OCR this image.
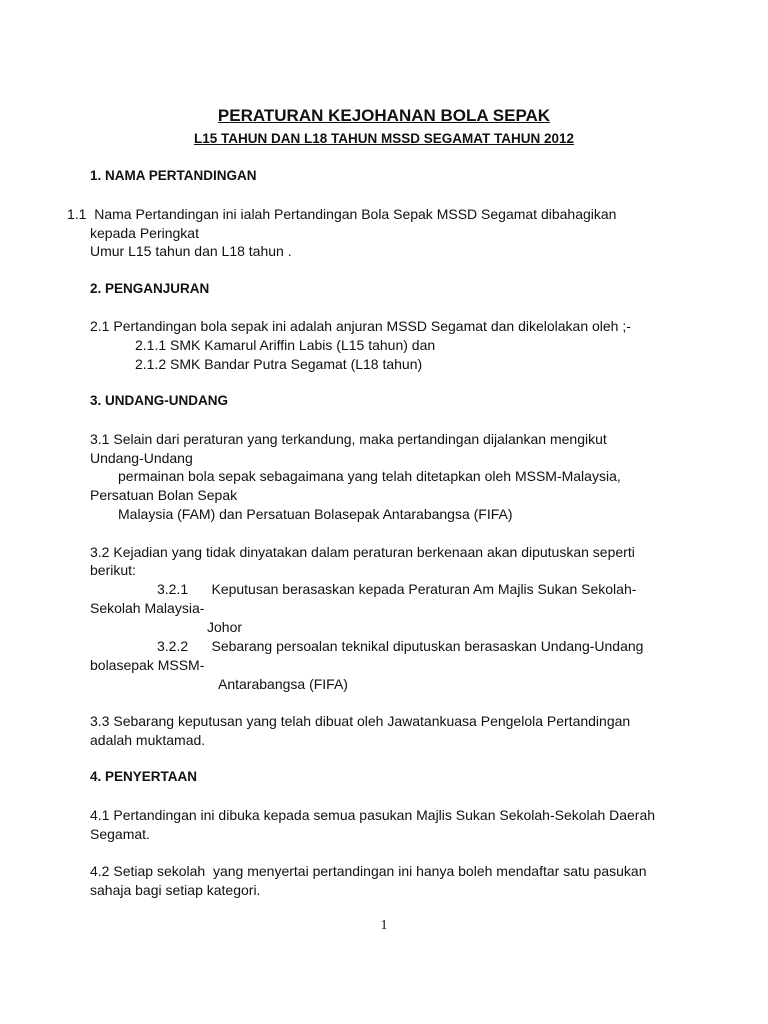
PERATURAN KEJOHANAN BOLA SEPAK
L15 TAHUN DAN L18 TAHUN MSSD SEGAMAT TAHUN 2012
1. NAMA PERTANDINGAN
1.1  Nama Pertandingan ini ialah Pertandingan Bola Sepak MSSD Segamat dibahagikan
kepada Peringkat
Umur L15 tahun dan L18 tahun .
2. PENGANJURAN
2.1 Pertandingan bola sepak ini adalah anjuran MSSD Segamat dan dikelolakan oleh ;-
2.1.1 SMK Kamarul Ariffin Labis (L15 tahun) dan
2.1.2 SMK Bandar Putra Segamat (L18 tahun)
3. UNDANG-UNDANG
3.1 Selain dari peraturan yang terkandung, maka pertandingan dijalankan mengikut
Undang-Undang
permainan bola sepak sebagaimana yang telah ditetapkan oleh MSSM-Malaysia,
Persatuan Bolan Sepak
Malaysia (FAM) dan Persatuan Bolasepak Antarabangsa (FIFA)
3.2 Kejadian yang tidak dinyatakan dalam peraturan berkenaan akan diputuskan seperti
berikut:
3.2.1      Keputusan berasaskan kepada Peraturan Am Majlis Sukan Sekolah-
Sekolah Malaysia-
Johor
3.2.2      Sebarang persoalan teknikal diputuskan berasaskan Undang-Undang
bolasepak MSSM-
Antarabangsa (FIFA)
3.3 Sebarang keputusan yang telah dibuat oleh Jawatankuasa Pengelola Pertandingan
adalah muktamad.
4. PENYERTAAN
4.1 Pertandingan ini dibuka kepada semua pasukan Majlis Sukan Sekolah-Sekolah Daerah
Segamat.
4.2 Setiap sekolah  yang menyertai pertandingan ini hanya boleh mendaftar satu pasukan
sahaja bagi setiap kategori.
1
